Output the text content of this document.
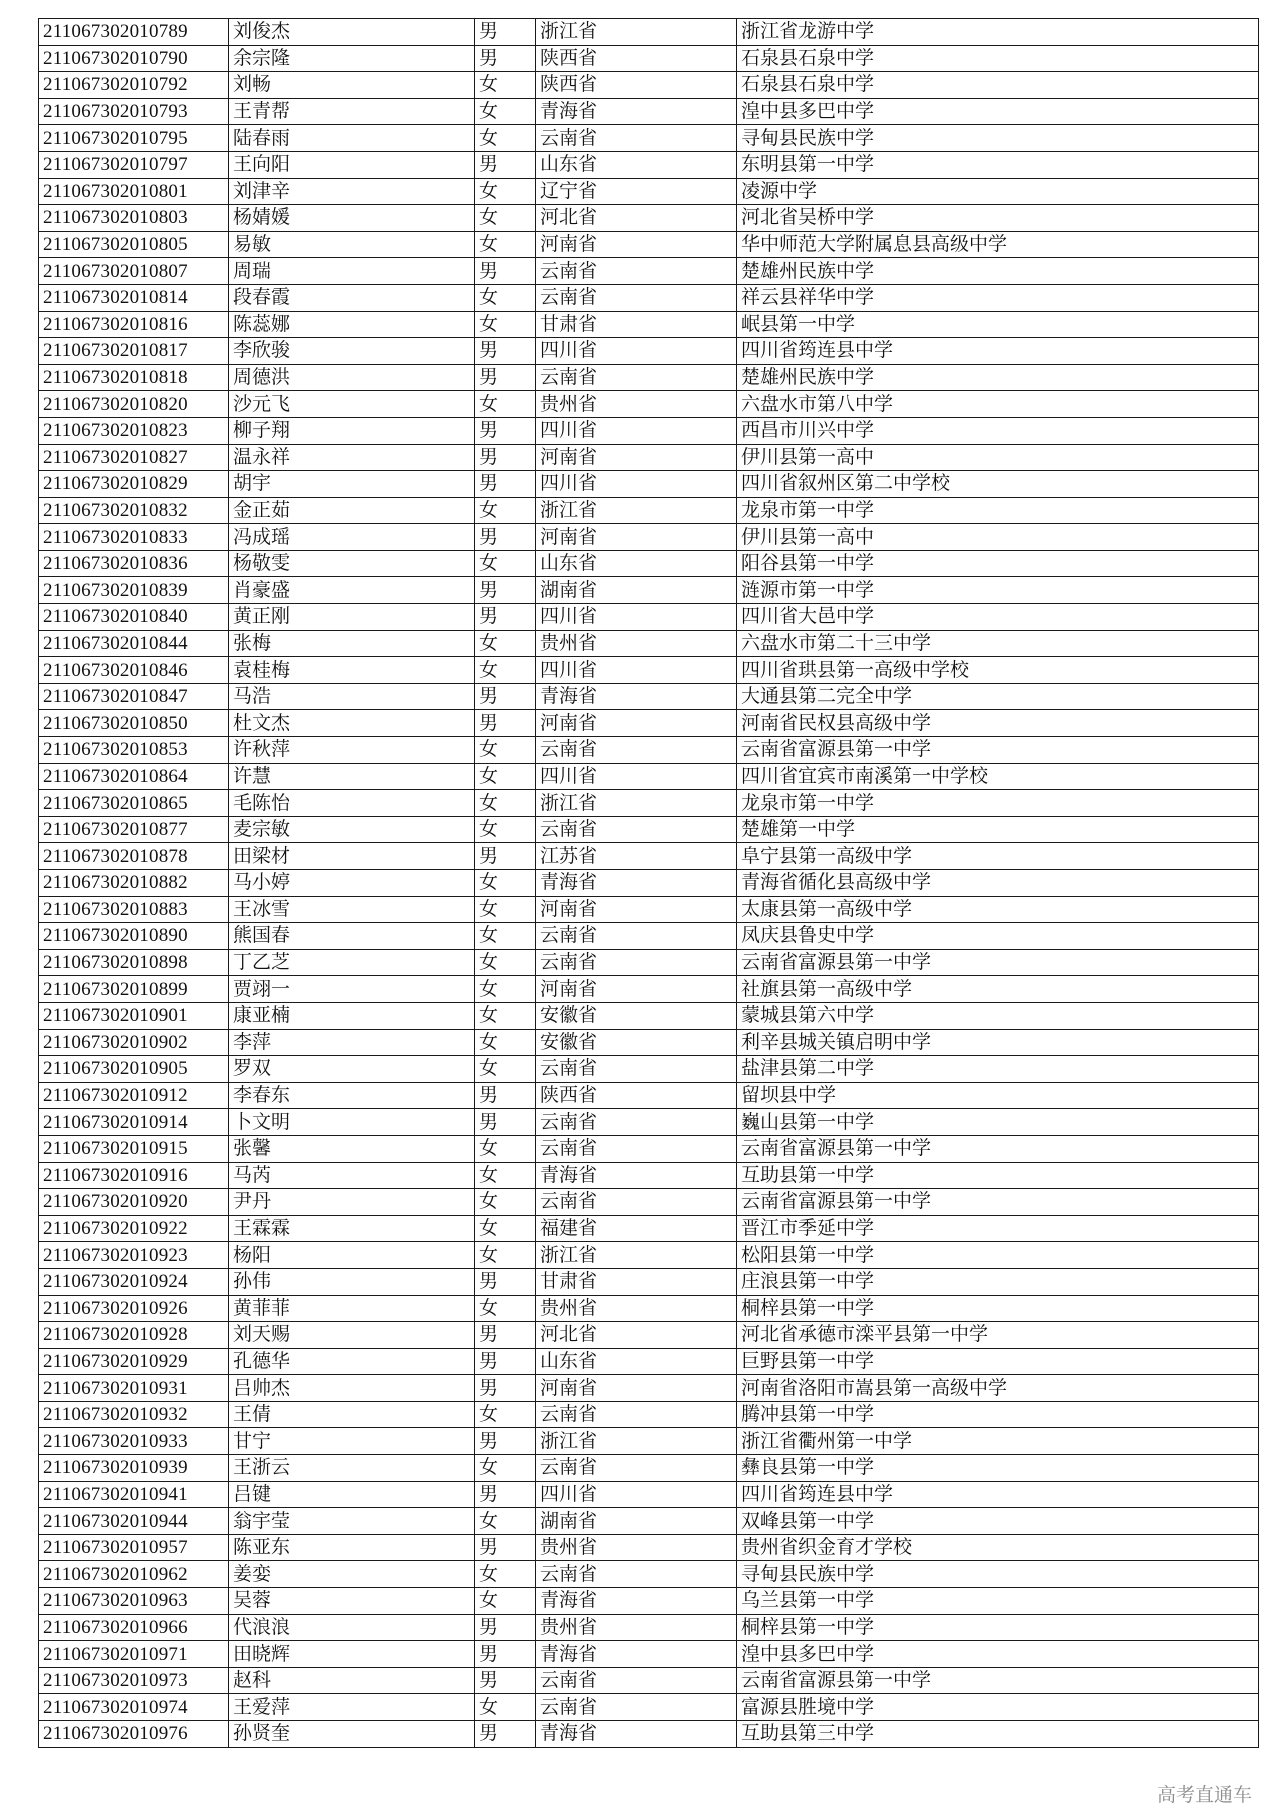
211067302010789	刘俊杰	男	浙江省	浙江省龙游中学
211067302010790	余宗隆	男	陕西省	石泉县石泉中学
211067302010792	刘畅	女	陕西省	石泉县石泉中学
211067302010793	王青帮	女	青海省	湟中县多巴中学
211067302010795	陆春雨	女	云南省	寻甸县民族中学
211067302010797	王向阳	男	山东省	东明县第一中学
211067302010801	刘津辛	女	辽宁省	凌源中学
211067302010803	杨婧媛	女	河北省	河北省吴桥中学
211067302010805	易敏	女	河南省	华中师范大学附属息县高级中学
211067302010807	周瑞	男	云南省	楚雄州民族中学
211067302010814	段春霞	女	云南省	祥云县祥华中学
211067302010816	陈蕊娜	女	甘肃省	岷县第一中学
211067302010817	李欣骏	男	四川省	四川省筠连县中学
211067302010818	周德洪	男	云南省	楚雄州民族中学
211067302010820	沙元飞	女	贵州省	六盘水市第八中学
211067302010823	柳子翔	男	四川省	西昌市川兴中学
211067302010827	温永祥	男	河南省	伊川县第一高中
211067302010829	胡宇	男	四川省	四川省叙州区第二中学校
211067302010832	金正茹	女	浙江省	龙泉市第一中学
211067302010833	冯成瑶	男	河南省	伊川县第一高中
211067302010836	杨敬雯	女	山东省	阳谷县第一中学
211067302010839	肖豪盛	男	湖南省	涟源市第一中学
211067302010840	黄正刚	男	四川省	四川省大邑中学
211067302010844	张梅	女	贵州省	六盘水市第二十三中学
211067302010846	袁桂梅	女	四川省	四川省珙县第一高级中学校
211067302010847	马浩	男	青海省	大通县第二完全中学
211067302010850	杜文杰	男	河南省	河南省民权县高级中学
211067302010853	许秋萍	女	云南省	云南省富源县第一中学
211067302010864	许慧	女	四川省	四川省宜宾市南溪第一中学校
211067302010865	毛陈怡	女	浙江省	龙泉市第一中学
211067302010877	麦宗敏	女	云南省	楚雄第一中学
211067302010878	田梁材	男	江苏省	阜宁县第一高级中学
211067302010882	马小婷	女	青海省	青海省循化县高级中学
211067302010883	王冰雪	女	河南省	太康县第一高级中学
211067302010890	熊国春	女	云南省	凤庆县鲁史中学
211067302010898	丁乙芝	女	云南省	云南省富源县第一中学
211067302010899	贾翊一	女	河南省	社旗县第一高级中学
211067302010901	康亚楠	女	安徽省	蒙城县第六中学
211067302010902	李萍	女	安徽省	利辛县城关镇启明中学
211067302010905	罗双	女	云南省	盐津县第二中学
211067302010912	李春东	男	陕西省	留坝县中学
211067302010914	卜文明	男	云南省	巍山县第一中学
211067302010915	张馨	女	云南省	云南省富源县第一中学
211067302010916	马芮	女	青海省	互助县第一中学
211067302010920	尹丹	女	云南省	云南省富源县第一中学
211067302010922	王霖霖	女	福建省	晋江市季延中学
211067302010923	杨阳	女	浙江省	松阳县第一中学
211067302010924	孙伟	男	甘肃省	庄浪县第一中学
211067302010926	黄菲菲	女	贵州省	桐梓县第一中学
211067302010928	刘天赐	男	河北省	河北省承德市滦平县第一中学
211067302010929	孔德华	男	山东省	巨野县第一中学
211067302010931	吕帅杰	男	河南省	河南省洛阳市嵩县第一高级中学
211067302010932	王倩	女	云南省	腾冲县第一中学
211067302010933	甘宁	男	浙江省	浙江省衢州第一中学
211067302010939	王浙云	女	云南省	彝良县第一中学
211067302010941	吕键	男	四川省	四川省筠连县中学
211067302010944	翁宇莹	女	湖南省	双峰县第一中学
211067302010957	陈亚东	男	贵州省	贵州省织金育才学校
211067302010962	姜娈	女	云南省	寻甸县民族中学
211067302010963	吴蓉	女	青海省	乌兰县第一中学
211067302010966	代浪浪	男	贵州省	桐梓县第一中学
211067302010971	田晓辉	男	青海省	湟中县多巴中学
211067302010973	赵科	男	云南省	云南省富源县第一中学
211067302010974	王爱萍	女	云南省	富源县胜境中学
211067302010976	孙贤奎	男	青海省	互助县第三中学
高考直通车
